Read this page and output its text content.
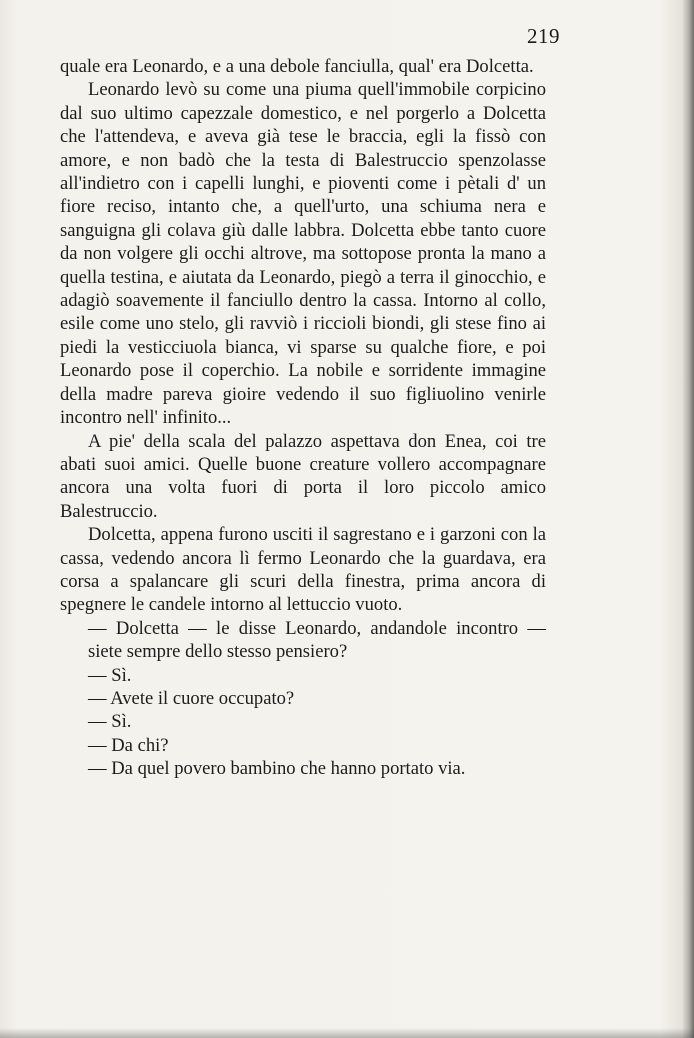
219

quale era Leonardo, e a una debole fanciulla, qual' era Dolcetta.

Leonardo levò su come una piuma quell'immobile corpicino dal suo ultimo capezzale domestico, e nel porgerlo a Dolcetta che l'attendeva, e aveva già tese le braccia, egli la fissò con amore, e non badò che la testa di Balestruccio spenzolasse all'indietro con i capelli lunghi, e pioventi come i pètali d' un fiore reciso, intanto che, a quell'urto, una schiuma nera e sanguigna gli colava giù dalle labbra. Dolcetta ebbe tanto cuore da non volgere gli occhi altrove, ma sottopose pronta la mano a quella testina, e aiutata da Leonardo, piegò a terra il ginocchio, e adagiò soavemente il fanciullo dentro la cassa. Intorno al collo, esile come uno stelo, gli ravviò i riccioli biondi, gli stese fino ai piedi la vesticciuola bianca, vi sparse su qualche fiore, e poi Leonardo pose il coperchio. La nobile e sorridente immagine della madre pareva gioire vedendo il suo figliuolino venirle incontro nell' infinito...

A pie' della scala del palazzo aspettava don Enea, coi tre abati suoi amici. Quelle buone creature vollero accompagnare ancora una volta fuori di porta il loro piccolo amico Balestruccio.

Dolcetta, appena furono usciti il sagrestano e i garzoni con la cassa, vedendo ancora lì fermo Leonardo che la guardava, era corsa a spalancare gli scuri della finestra, prima ancora di spegnere le candele intorno al lettuccio vuoto.

— Dolcetta — le disse Leonardo, andandole incontro — siete sempre dello stesso pensiero?

— Sì.

— Avete il cuore occupato?

— Sì.

— Da chi?

— Da quel povero bambino che hanno portato via.
